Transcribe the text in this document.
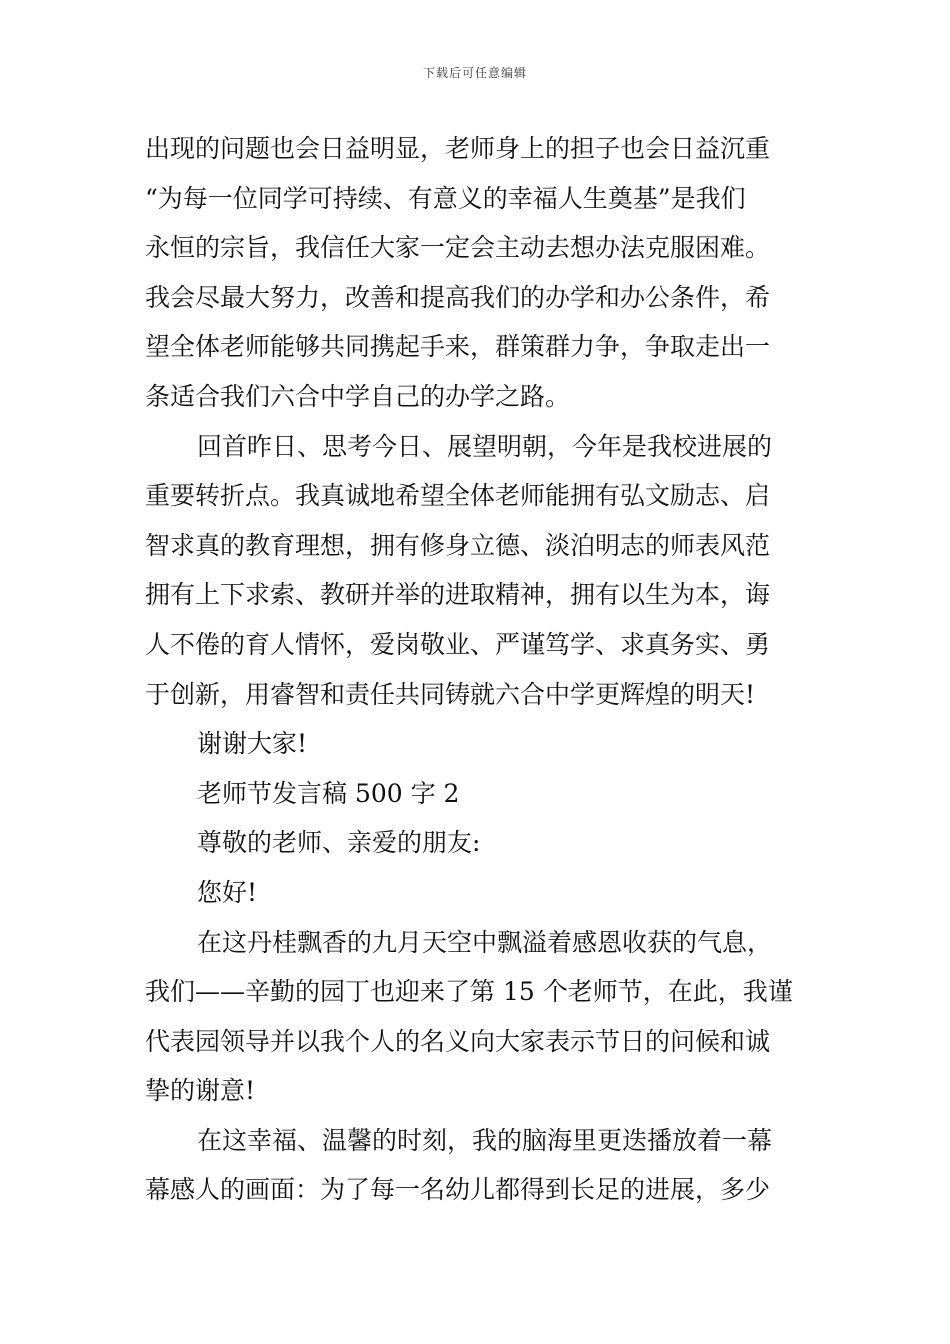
下载后可任意编辑
出现的问题也会日益明显，老师身上的担子也会日益沉重
“为每一位同学可持续、有意义的幸福人生奠基”是我们
永恒的宗旨，我信任大家一定会主动去想办法克服困难。
我会尽最大努力，改善和提高我们的办学和办公条件，希
望全体老师能够共同携起手来，群策群力争，争取走出一
条适合我们六合中学自己的办学之路。
回首昨日、思考今日、展望明朝，今年是我校进展的
重要转折点。我真诚地希望全体老师能拥有弘文励志、启
智求真的教育理想，拥有修身立德、淡泊明志的师表风范
拥有上下求索、教研并举的进取精神，拥有以生为本，诲
人不倦的育人情怀，爱岗敬业、严谨笃学、求真务实、勇
于创新，用睿智和责任共同铸就六合中学更辉煌的明天!
谢谢大家!
老师节发言稿 500 字 2
尊敬的老师、亲爱的朋友:
您好!
在这丹桂飘香的九月天空中飘溢着感恩收获的气息，
我们——辛勤的园丁也迎来了第 15 个老师节，在此，我谨
代表园领导并以我个人的名义向大家表示节日的问候和诚
挚的谢意!
在这幸福、温馨的时刻，我的脑海里更迭播放着一幕
幕感人的画面：为了每一名幼儿都得到长足的进展，多少
